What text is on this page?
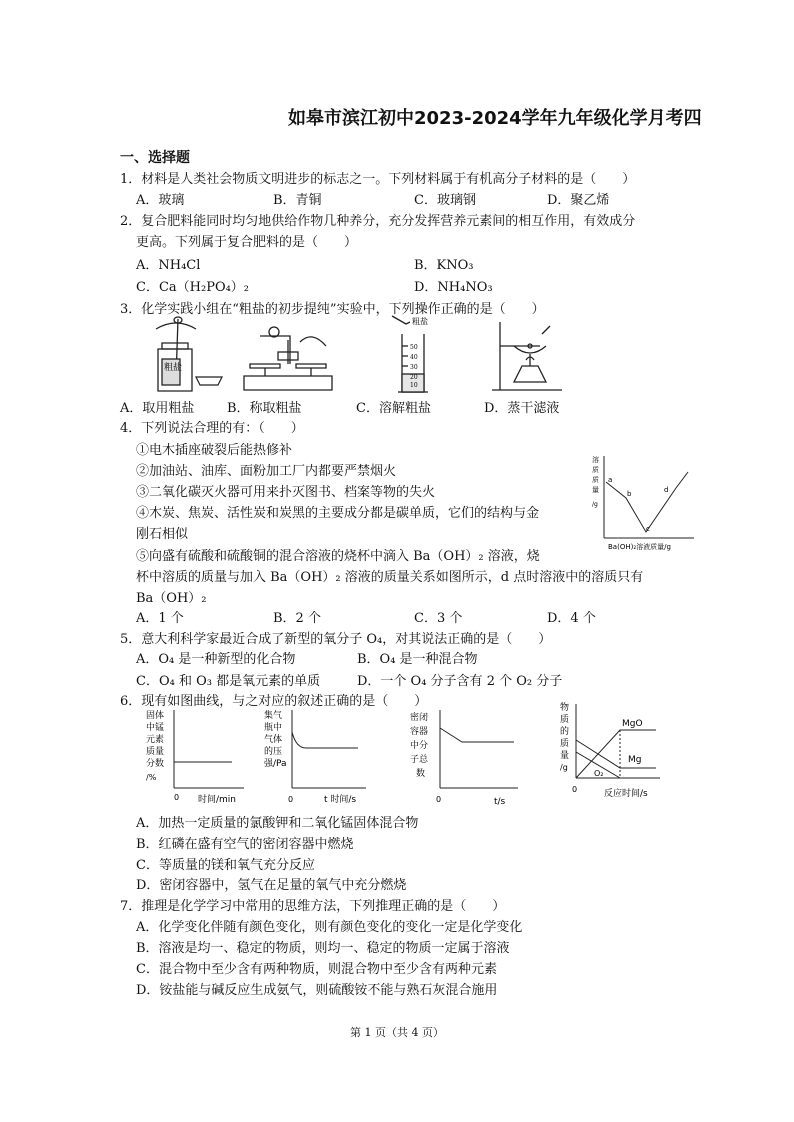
如皋市滨江初中2023-2024学年九年级化学月考四
一、选择题
1．材料是人类社会物质文明进步的标志之一。下列材料属于有机高分子材料的是（　　）
A．玻璃	B．青铜	C．玻璃钢	D．聚乙烯
2．复合肥料能同时均匀地供给作物几种养分，充分发挥营养元素间的相互作用，有效成分
更高。下列属于复合肥料的是（　　）
A．NH₄Cl	B．KNO₃
C．Ca（H₂PO₄）₂	D．NH₄NO₃
3．化学实践小组在“粗盐的初步提纯”实验中，下列操作正确的是（　　）
粗盐
粗盐
50
40
30
20
10
A．取用粗盐	B．称取粗盐	C．溶解粗盐	D．蒸干滤液
4．下列说法合理的有：（　　）
①电木插座破裂后能热修补
②加油站、油库、面粉加工厂内都要严禁烟火
③二氧化碳灭火器可用来扑灭图书、档案等物的失火
④木炭、焦炭、活性炭和炭黑的主要成分都是碳单质，它们的结构与金
刚石相似
⑤向盛有硫酸和硫酸铜的混合溶液的烧杯中滴入 Ba（OH）₂ 溶液，烧
杯中溶质的质量与加入 Ba（OH）₂ 溶液的质量关系如图所示，d 点时溶液中的溶质只有
Ba（OH）₂
A．1 个	B．2 个	C．3 个	D．4 个
溶
质
质
量
/g
a
b
c
d
Ba(OH)₂溶液质量/g
5．意大利科学家最近合成了新型的氧分子 O₄，对其说法正确的是（　　）
A．O₄ 是一种新型的化合物	B．O₄ 是一种混合物
C．O₄ 和 O₃ 都是氧元素的单质	D．一个 O₄ 分子含有 2 个 O₂ 分子
6．现有如图曲线，与之对应的叙述正确的是（　　）
固体
中锰
元素
质量
分数
/%
0 时间/min
集气
瓶中
气体
的压
强/Pa
0	t 时间/s
密闭
容器
中分
子总
数
0	t/s
物
质
的
质
量
/g
MgO
Mg
O₂
0	反应时间/s
A．加热一定质量的氯酸钾和二氧化锰固体混合物
B．红磷在盛有空气的密闭容器中燃烧
C．等质量的镁和氧气充分反应
D．密闭容器中，氢气在足量的氧气中充分燃烧
7．推理是化学学习中常用的思维方法，下列推理正确的是（　　）
A．化学变化伴随有颜色变化，则有颜色变化的变化一定是化学变化
B．溶液是均一、稳定的物质，则均一、稳定的物质一定属于溶液
C．混合物中至少含有两种物质，则混合物中至少含有两种元素
D．铵盐能与碱反应生成氨气，则硫酸铵不能与熟石灰混合施用
第 1 页（共 4 页）
